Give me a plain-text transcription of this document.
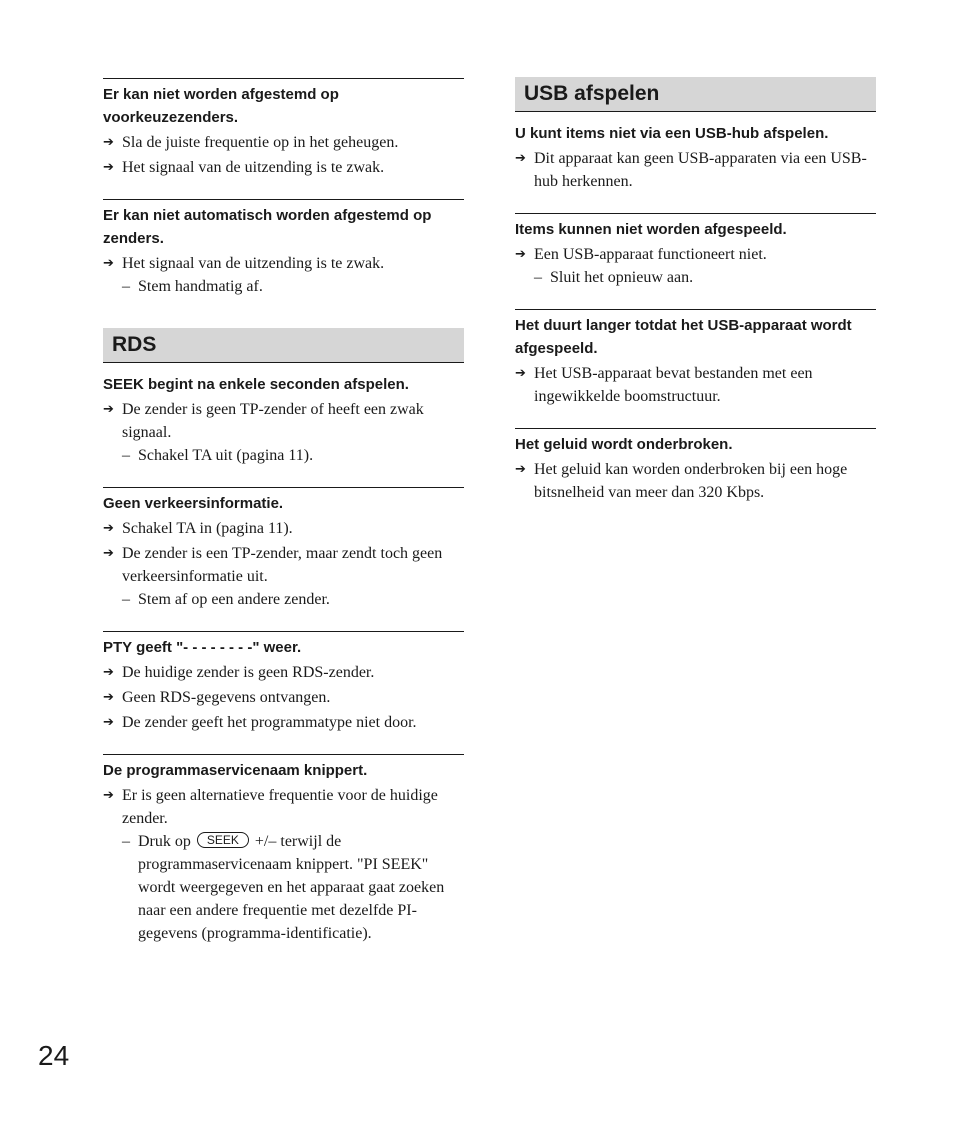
Er kan niet worden afgestemd op voorkeuzezenders.
➔ Sla de juiste frequentie op in het geheugen.
➔ Het signaal van de uitzending is te zwak.
Er kan niet automatisch worden afgestemd op zenders.
➔ Het signaal van de uitzending is te zwak.
– Stem handmatig af.
RDS
SEEK begint na enkele seconden afspelen.
➔ De zender is geen TP-zender of heeft een zwak signaal.
– Schakel TA uit (pagina 11).
Geen verkeersinformatie.
➔ Schakel TA in (pagina 11).
➔ De zender is een TP-zender, maar zendt toch geen verkeersinformatie uit.
– Stem af op een andere zender.
PTY geeft "- - - - - - - -" weer.
➔ De huidige zender is geen RDS-zender.
➔ Geen RDS-gegevens ontvangen.
➔ De zender geeft het programmatype niet door.
De programmaservicenaam knippert.
➔ Er is geen alternatieve frequentie voor de huidige zender.
– Druk op SEEK +/– terwijl de programmaservicenaam knippert. "PI SEEK" wordt weergegeven en het apparaat gaat zoeken naar een andere frequentie met dezelfde PI-gegevens (programma-identificatie).
USB afspelen
U kunt items niet via een USB-hub afspelen.
➔ Dit apparaat kan geen USB-apparaten via een USB-hub herkennen.
Items kunnen niet worden afgespeeld.
➔ Een USB-apparaat functioneert niet.
– Sluit het opnieuw aan.
Het duurt langer totdat het USB-apparaat wordt afgespeeld.
➔ Het USB-apparaat bevat bestanden met een ingewikkelde boomstructuur.
Het geluid wordt onderbroken.
➔ Het geluid kan worden onderbroken bij een hoge bitsnelheid van meer dan 320 Kbps.
24
